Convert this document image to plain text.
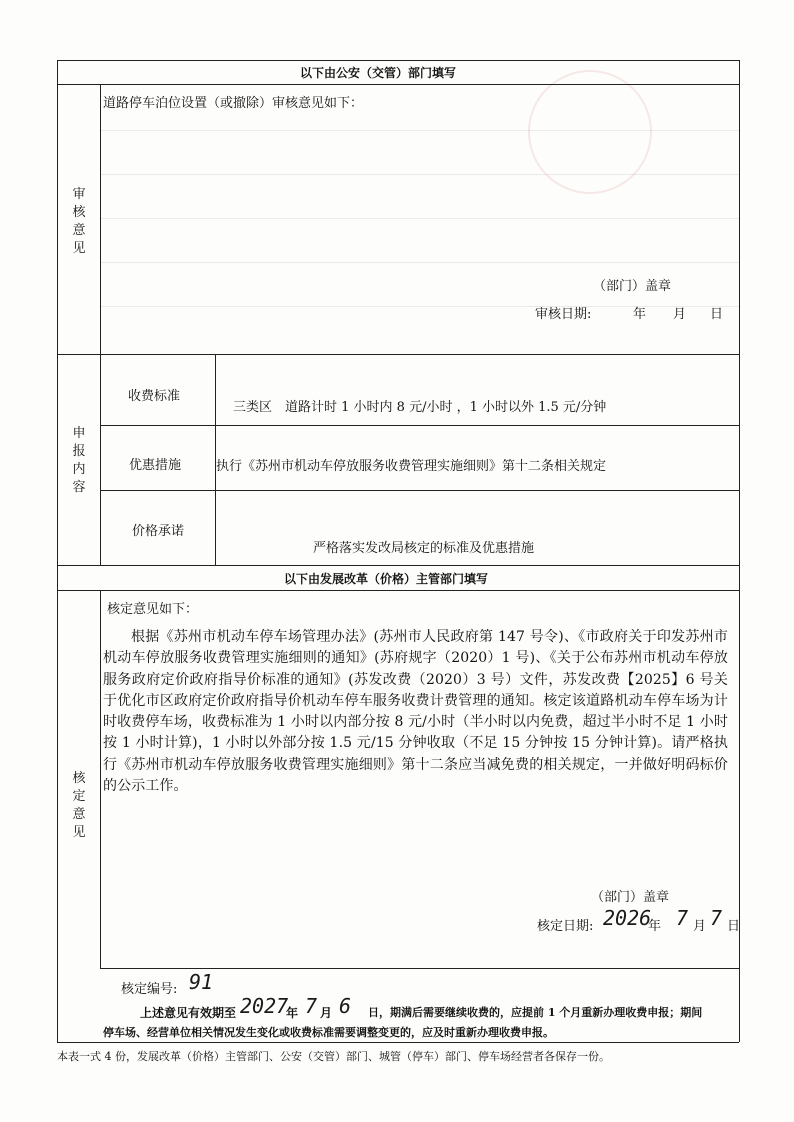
以下由公安（交管）部门填写
审核意见
道路停车泊位设置（或撤除）审核意见如下：
（部门）盖章
审核日期:	年 月 日
申报内容
收费标准
三类区　道路计时 1 小时内 8 元/小时 ，1 小时以外 1.5 元/分钟
优惠措施	执行《苏州市机动车停放服务收费管理实施细则》第十二条相关规定
价格承诺
严格落实发改局核定的标准及优惠措施
以下由发展改革（价格）主管部门填写
核定意见
核定意见如下：
根据《苏州市机动车停车场管理办法》(苏州市人民政府第 147 号令)、《市政府关于印发苏州市机动车停放服务收费管理实施细则的通知》(苏府规字（2020）1 号)、《关于公布苏州市机动车停放服务政府定价政府指导价标准的通知》(苏发改费（2020）3 号）文件，苏发改费【2025】6 号关于优化市区政府定价政府指导价机动车停车服务收费计费管理的通知。核定该道路机动车停车场为计时收费停车场，收费标准为 1 小时以内部分按 8 元/小时（半小时以内免费，超过半小时不足 1 小时按 1 小时计算)，1 小时以外部分按 1.5 元/15 分钟收取（不足 15 分钟按 15 分钟计算)。请严格执行《苏州市机动车停放服务收费管理实施细则》第十二条应当减免费的相关规定，一并做好明码标价的公示工作。
（部门）盖章
核定日期: 2026
年 7 月 7 日
核定编号: 91
上述意见有效期至 2027
年 7 月 6 日，期满后需要继续收费的，应提前 1 个月重新办理收费申报；期间
停车场、经营单位相关情况发生变化或收费标准需要调整变更的，应及时重新办理收费申报。
本表一式 4 份，发展改革（价格）主管部门、公安（交管）部门、城管（停车）部门、停车场经营者各保存一份。
